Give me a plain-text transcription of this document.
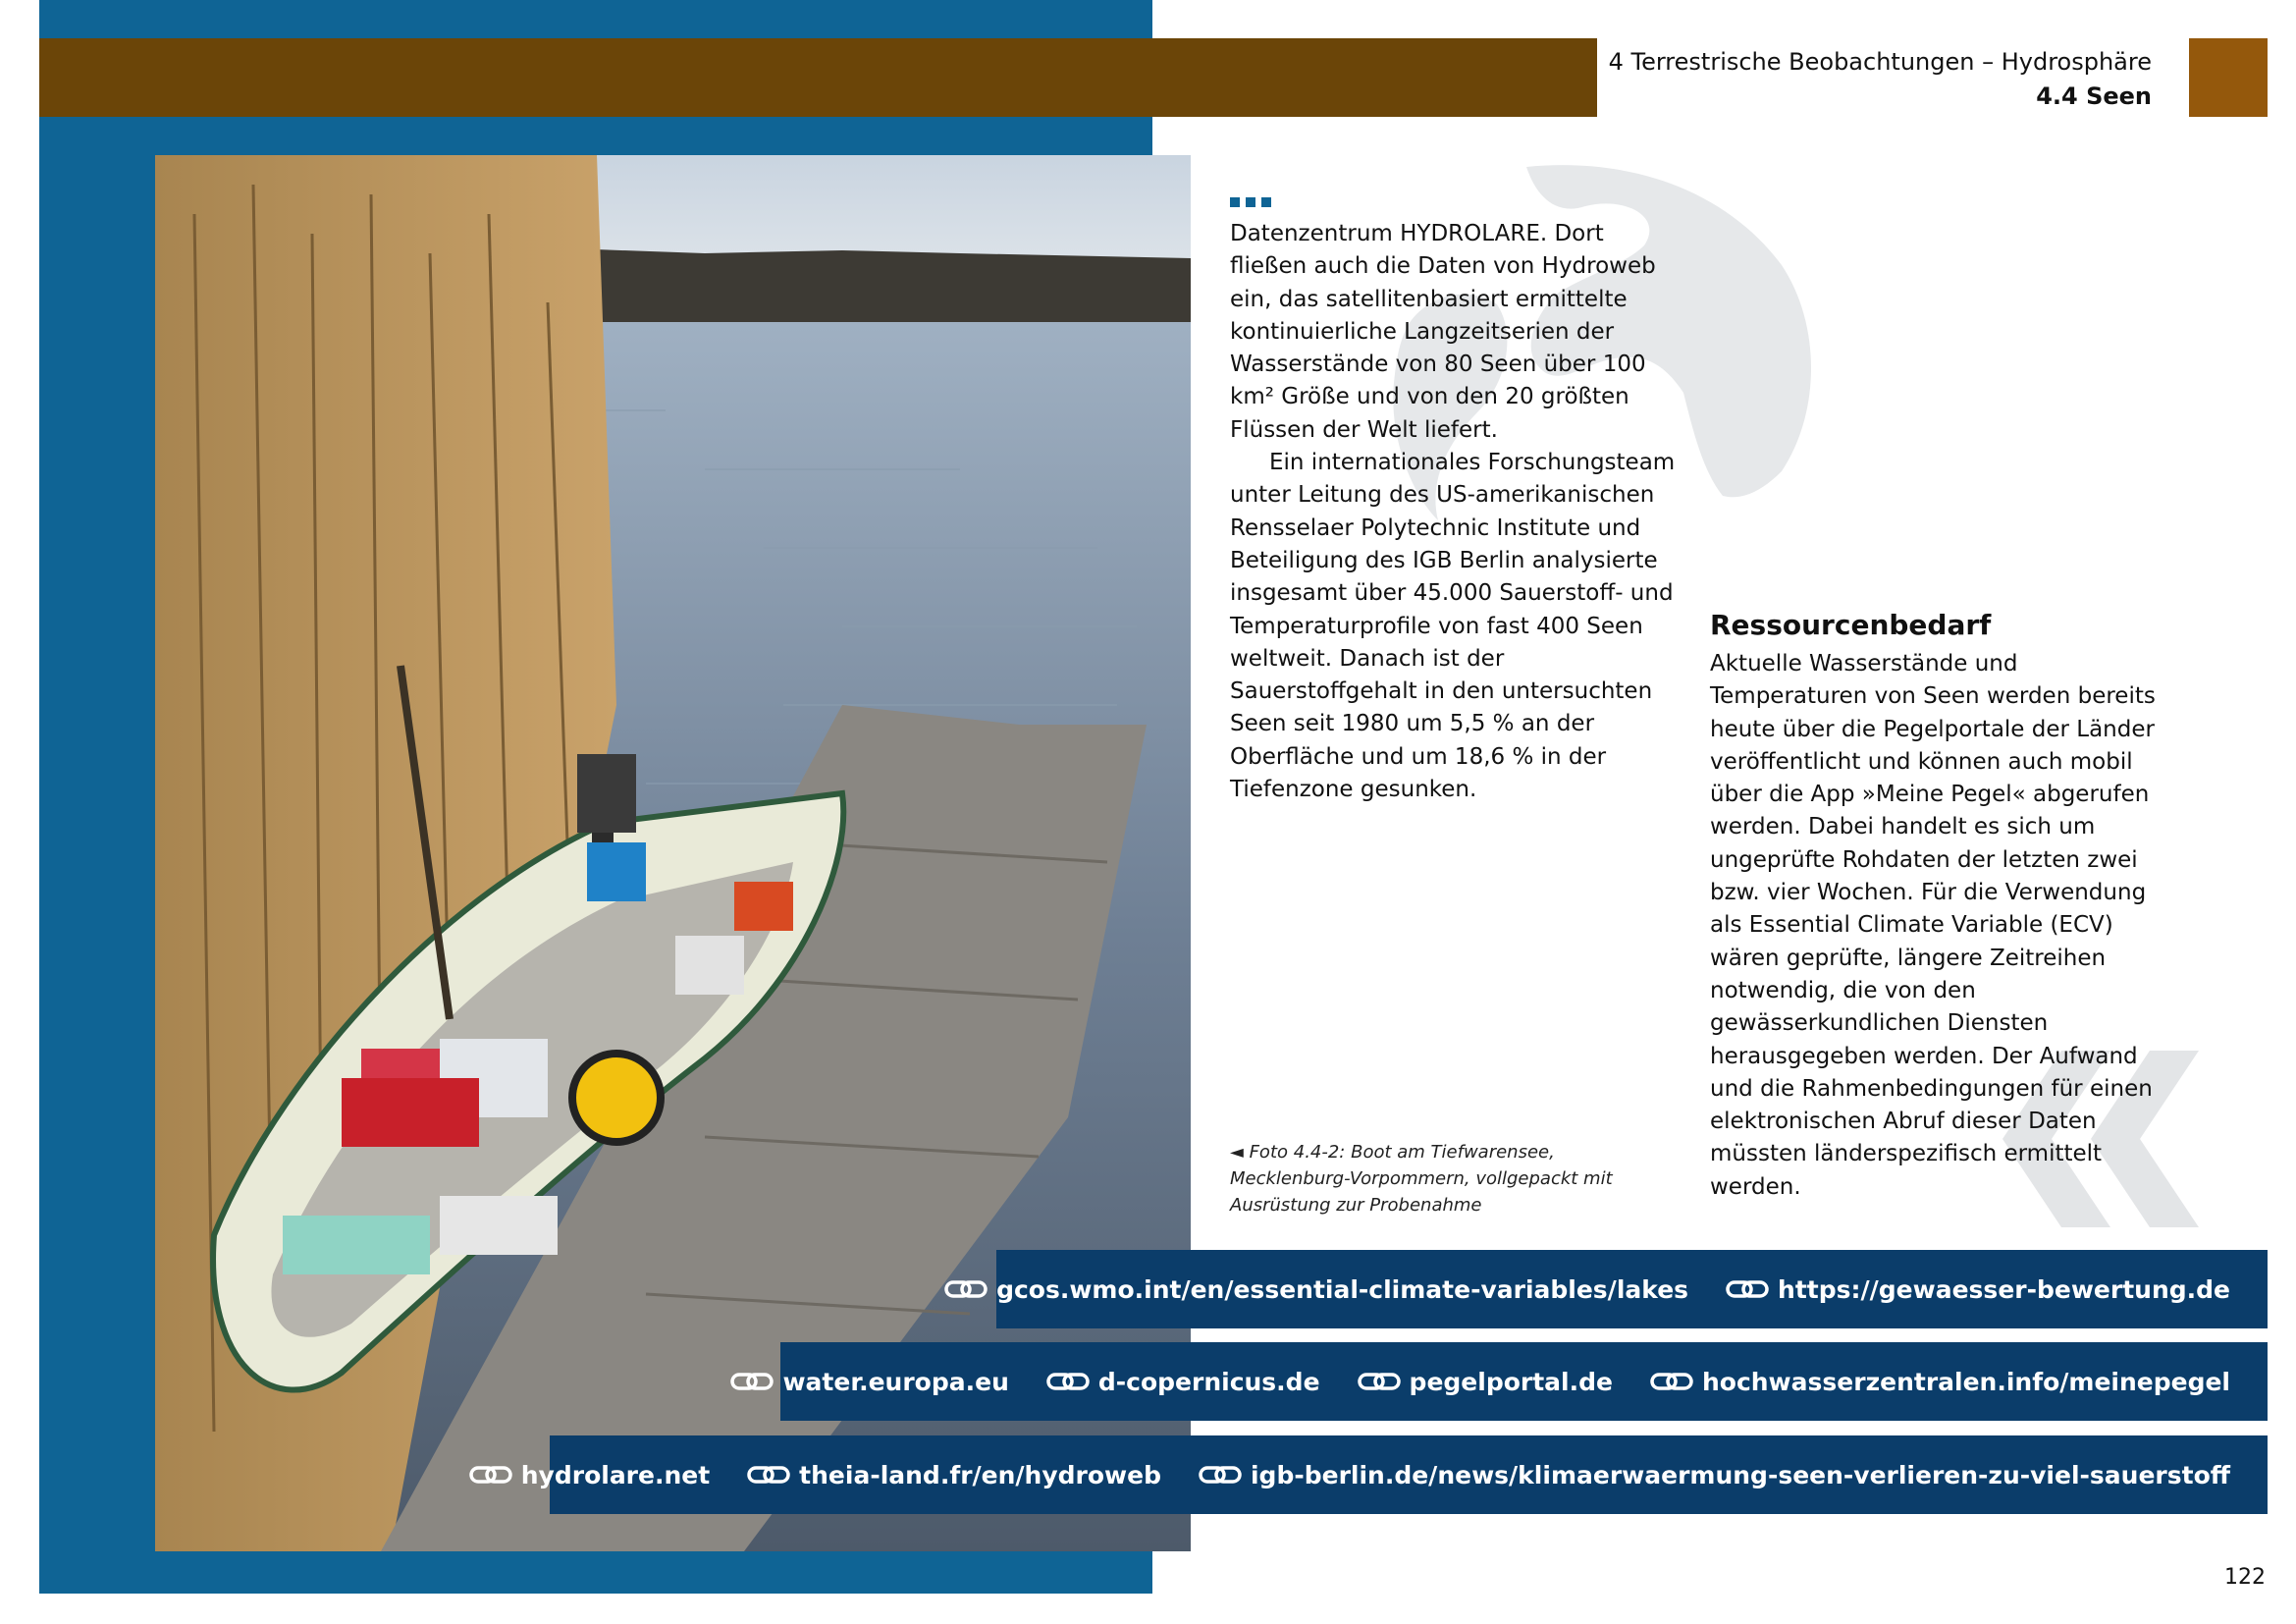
4 Terrestrische Beobachtungen – Hydrosphäre
4.4 Seen

Datenzentrum HYDROLARE. Dort fließen auch die Daten von Hydroweb ein, das satellitenbasiert ermittelte kontinuierliche Langzeitserien der Wasserstände von 80 Seen über 100 km² Größe und von den 20 größten Flüssen der Welt liefert.

Ein internationales Forschungsteam unter Leitung des US-amerikanischen Rensselaer Polytechnic Institute und Beteiligung des IGB Berlin analysierte insgesamt über 45.000 Sauerstoff- und Temperaturprofile von fast 400 Seen weltweit. Danach ist der Sauerstoffgehalt in den untersuchten Seen seit 1980 um 5,5 % an der Oberfläche und um 18,6 % in der Tiefenzone gesunken.

Ressourcenbedarf

Aktuelle Wasserstände und Temperaturen von Seen werden bereits heute über die Pegelportale der Länder veröffentlicht und können auch mobil über die App »Meine Pegel« abgerufen werden. Dabei handelt es sich um ungeprüfte Rohdaten der letzten zwei bzw. vier Wochen. Für die Verwendung als Essential Climate Variable (ECV) wären geprüfte, längere Zeitreihen notwendig, die von den gewässerkundlichen Diensten herausgegeben werden. Der Aufwand und die Rahmenbedingungen für einen elektronischen Abruf dieser Daten müssten länderspezifisch ermittelt werden.

◄ Foto 4.4-2: Boot am Tiefwarensee, Mecklenburg-Vorpommern, vollgepackt mit Ausrüstung zur Probenahme
gcos.wmo.int/en/essential-climate-variables/lakes	https://gewaesser-bewertung.de
water.europa.eu	d-copernicus.de	pegelportal.de	hochwasserzentralen.info/meinepegel
hydrolare.net	theia-land.fr/en/hydroweb	igb-berlin.de/news/klimaerwaermung-seen-verlieren-zu-viel-sauerstoff
122
